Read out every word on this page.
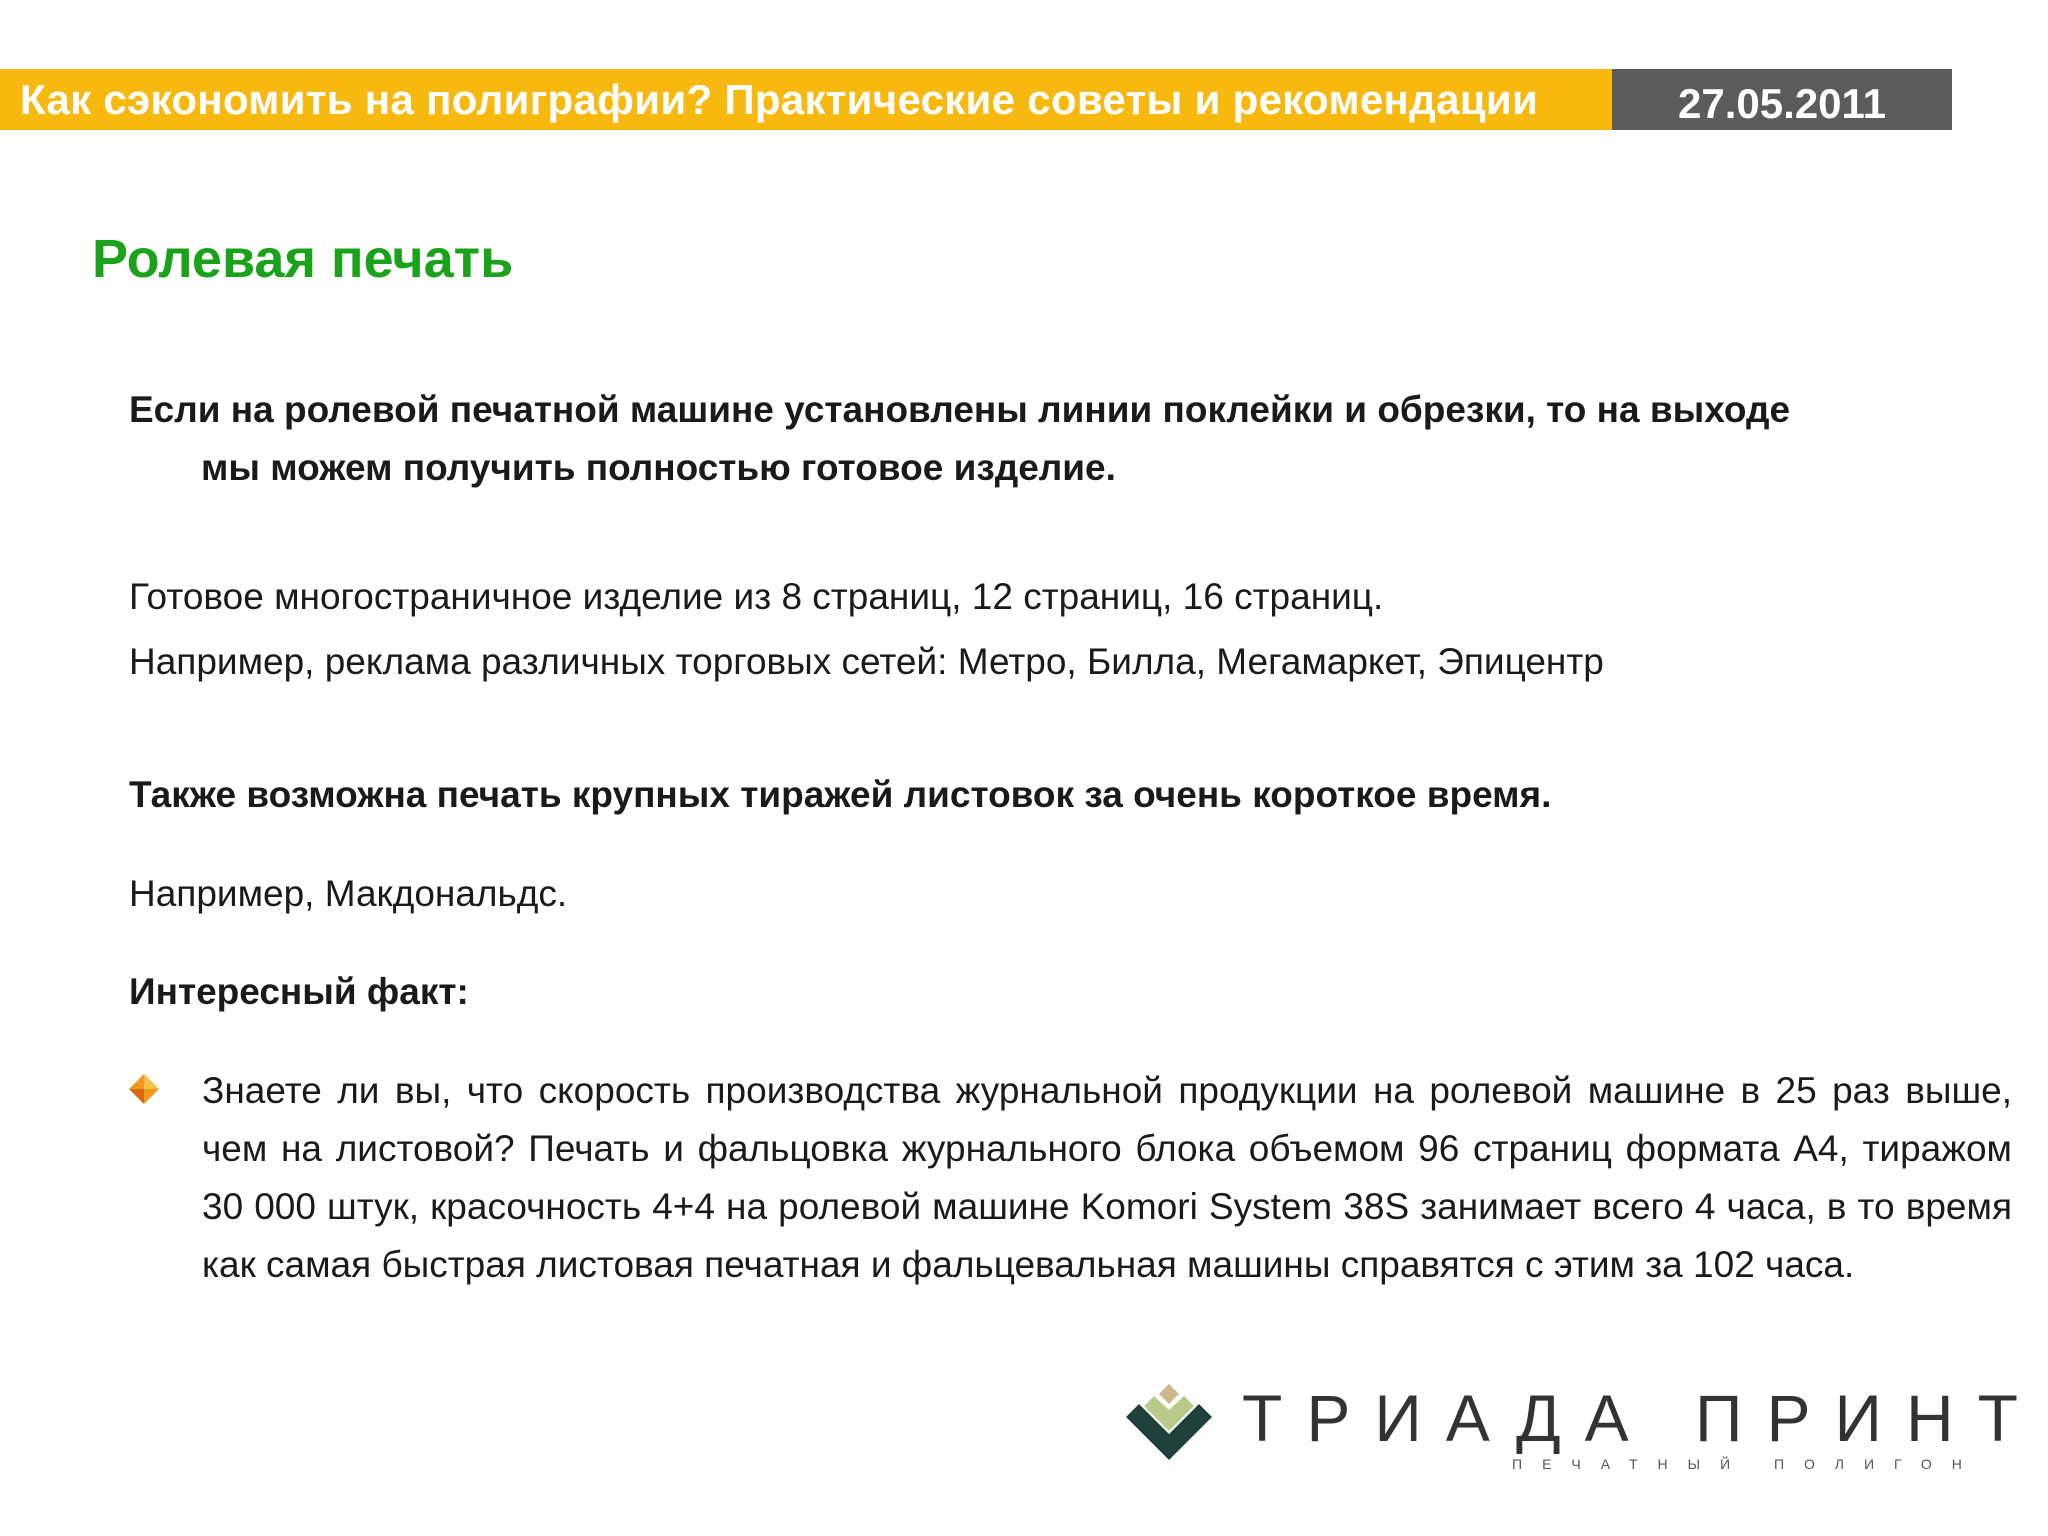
Как сэкономить на полиграфии? Практические советы и рекомендации	27.05.2011
Ролевая печать
Если на ролевой печатной машине установлены линии поклейки и обрезки, то на выходе
мы можем получить полностью готовое изделие.
Готовое многостраничное изделие из 8 страниц, 12 страниц, 16 страниц.
Например, реклама различных торговых сетей: Метро, Билла, Мегамаркет, Эпицентр
Также возможна печать крупных тиражей листовок за очень короткое время.
Например, Макдональдс.
Интересный факт:
Знаете ли вы, что скорость производства журнальной продукции на ролевой машине в 25 раз выше, чем на листовой? Печать и фальцовка журнального блока объемом 96 страниц формата А4, тиражом 30 000 штук, красочность 4+4 на ролевой машине Komori System 38S занимает всего 4 часа, в то время как самая быстрая листовая печатная и фальцевальная машины справятся с этим за 102 часа.
ТРИАДА ПРИНТ
ПЕЧАТНЫЙ ПОЛИГОН
